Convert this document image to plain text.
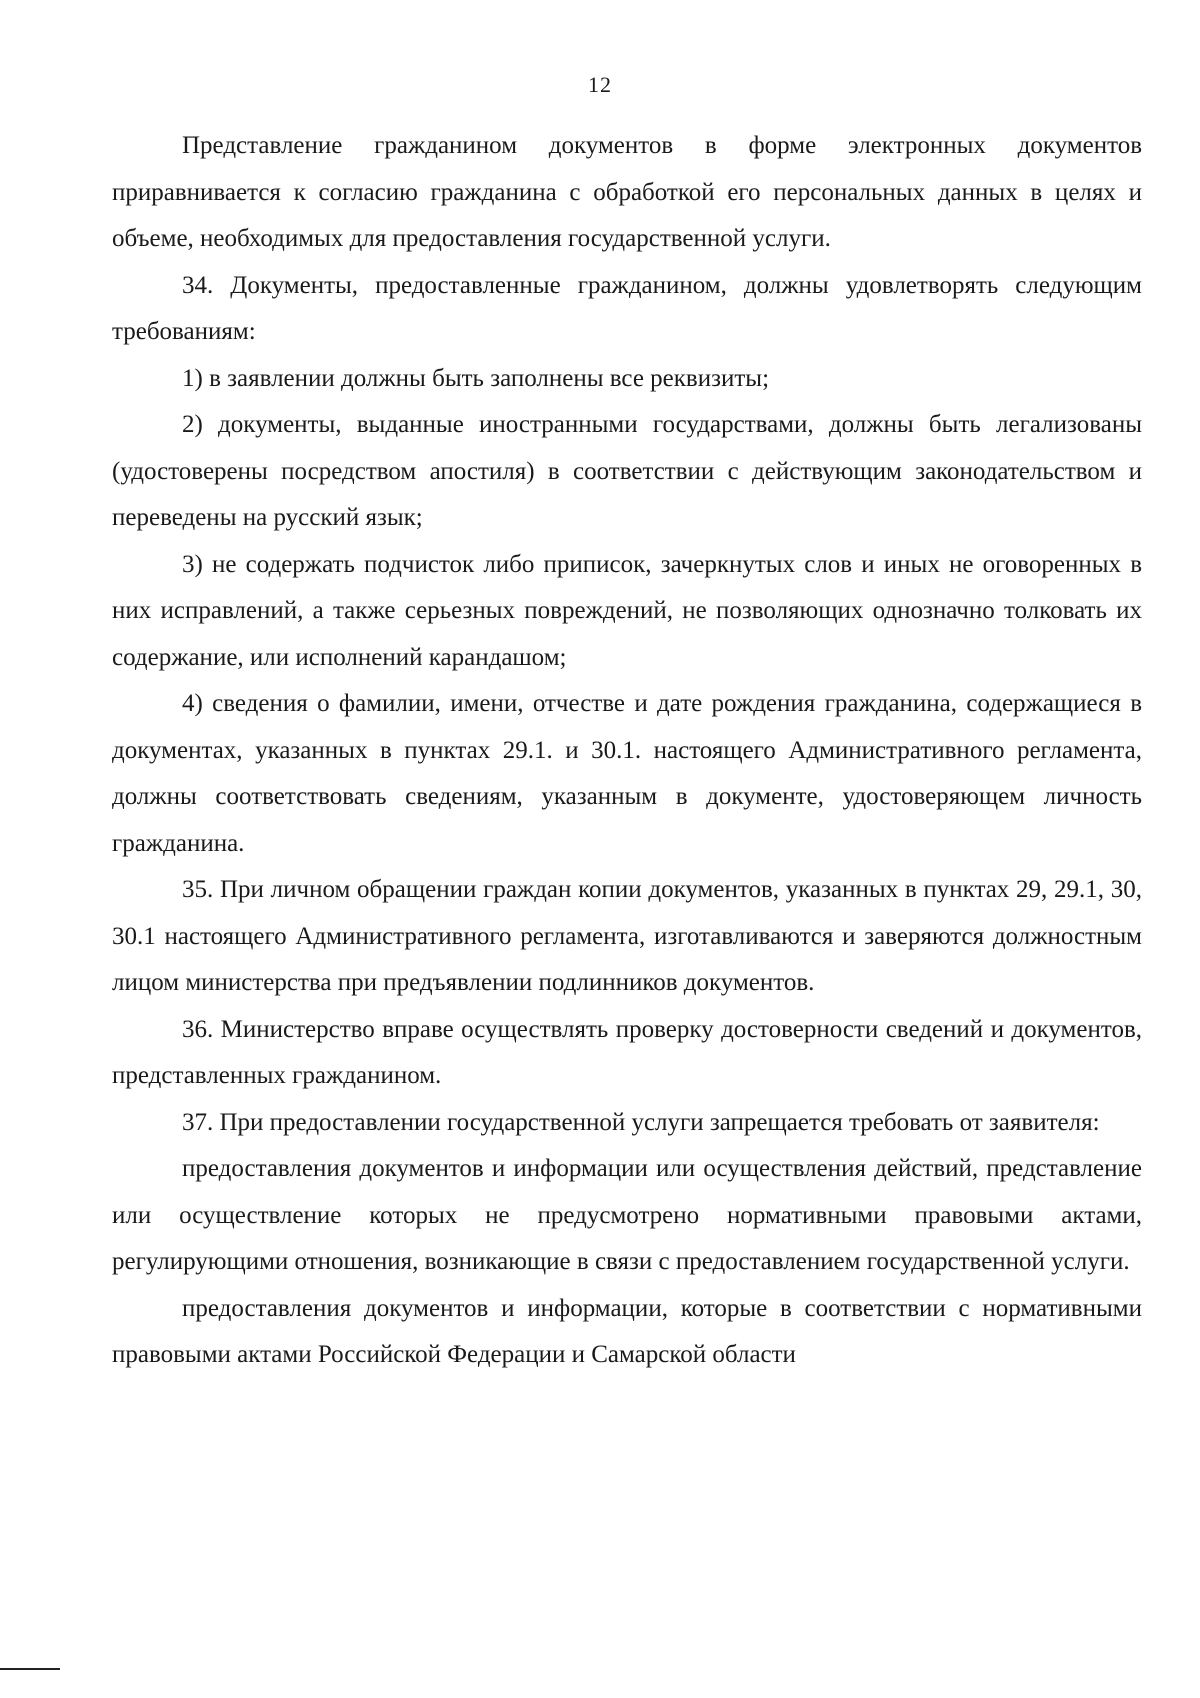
12

Представление гражданином документов в форме электронных документов приравнивается к согласию гражданина с обработкой его персональных данных в целях и объеме, необходимых для предоставления государственной услуги.

34. Документы, предоставленные гражданином, должны удовлетворять следующим требованиям:

1) в заявлении должны быть заполнены все реквизиты;

2) документы, выданные иностранными государствами, должны быть легализованы (удостоверены посредством апостиля) в соответствии с действующим законодательством и переведены на русский язык;

3) не содержать подчисток либо приписок, зачеркнутых слов и иных не оговоренных в них исправлений, а также серьезных повреждений, не позволяющих однозначно толковать их содержание, или исполнений карандашом;

4) сведения о фамилии, имени, отчестве и дате рождения гражданина, содержащиеся в документах, указанных в пунктах 29.1. и 30.1. настоящего Административного регламента, должны соответствовать сведениям, указанным в документе, удостоверяющем личность гражданина.

35. При личном обращении граждан копии документов, указанных в пунктах 29, 29.1, 30, 30.1 настоящего Административного регламента, изготавливаются и заверяются должностным лицом министерства при предъявлении подлинников документов.

36. Министерство вправе осуществлять проверку достоверности сведений и документов, представленных гражданином.

37. При предоставлении государственной услуги запрещается требовать от заявителя:

предоставления документов и информации или осуществления действий, представление или осуществление которых не предусмотрено нормативными правовыми актами, регулирующими отношения, возникающие в связи с предоставлением государственной услуги.

предоставления документов и информации, которые в соответствии с нормативными правовыми актами Российской Федерации и Самарской области
